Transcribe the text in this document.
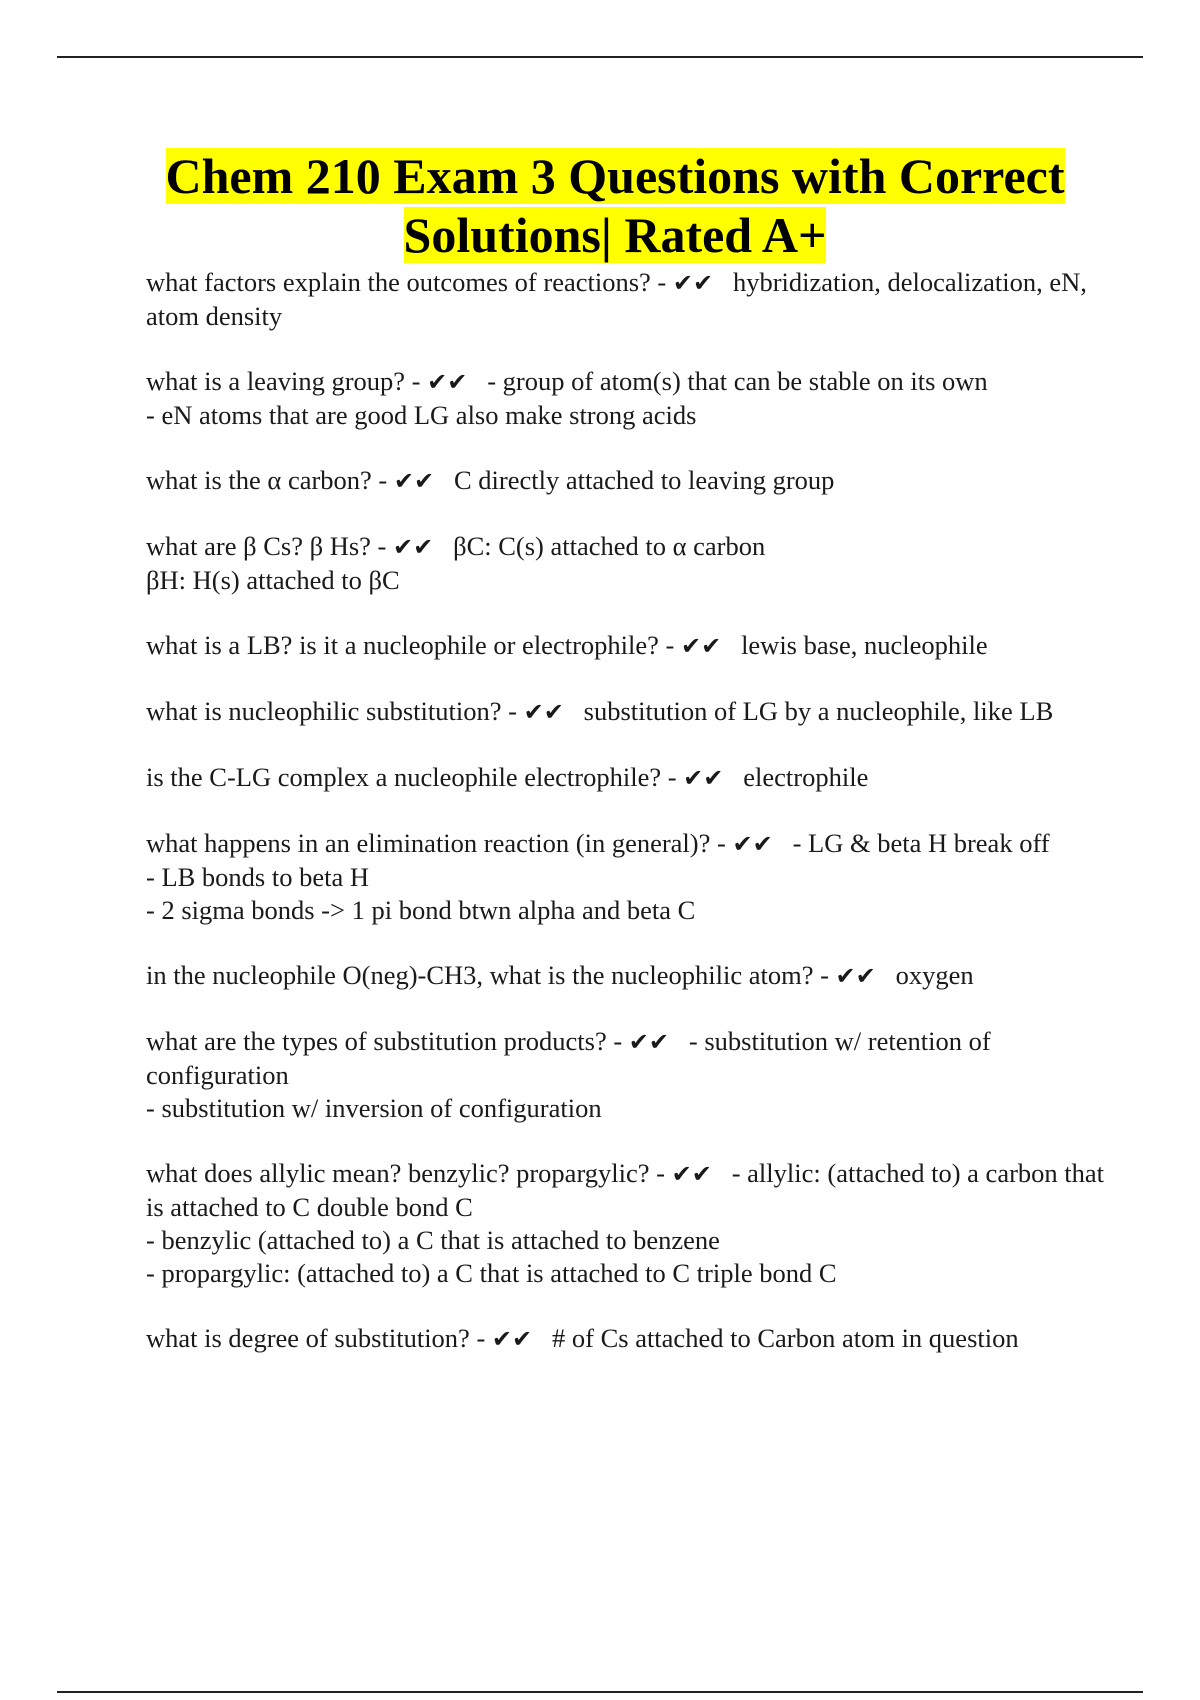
Chem 210 Exam 3 Questions with Correct
Solutions| Rated A+

what factors explain the outcomes of reactions? - ✔✔   hybridization, delocalization, eN, atom density

what is a leaving group? - ✔✔   - group of atom(s) that can be stable on its own

- eN atoms that are good LG also make strong acids

what is the α carbon? - ✔✔   C directly attached to leaving group

what are β Cs? β Hs? - ✔✔   βC: C(s) attached to α carbon

βH: H(s) attached to βC

what is a LB? is it a nucleophile or electrophile? - ✔✔   lewis base, nucleophile

what is nucleophilic substitution? - ✔✔   substitution of LG by a nucleophile, like LB

is the C-LG complex a nucleophile electrophile? - ✔✔   electrophile

what happens in an elimination reaction (in general)? - ✔✔   - LG & beta H break off

- LB bonds to beta H

- 2 sigma bonds -> 1 pi bond btwn alpha and beta C

in the nucleophile O(neg)-CH3, what is the nucleophilic atom? - ✔✔   oxygen

what are the types of substitution products? - ✔✔   - substitution w/ retention of configuration

- substitution w/ inversion of configuration

what does allylic mean? benzylic? propargylic? - ✔✔   - allylic: (attached to) a carbon that is attached to C double bond C

- benzylic (attached to) a C that is attached to benzene

- propargylic: (attached to) a C that is attached to C triple bond C

what is degree of substitution? - ✔✔   # of Cs attached to Carbon atom in question
